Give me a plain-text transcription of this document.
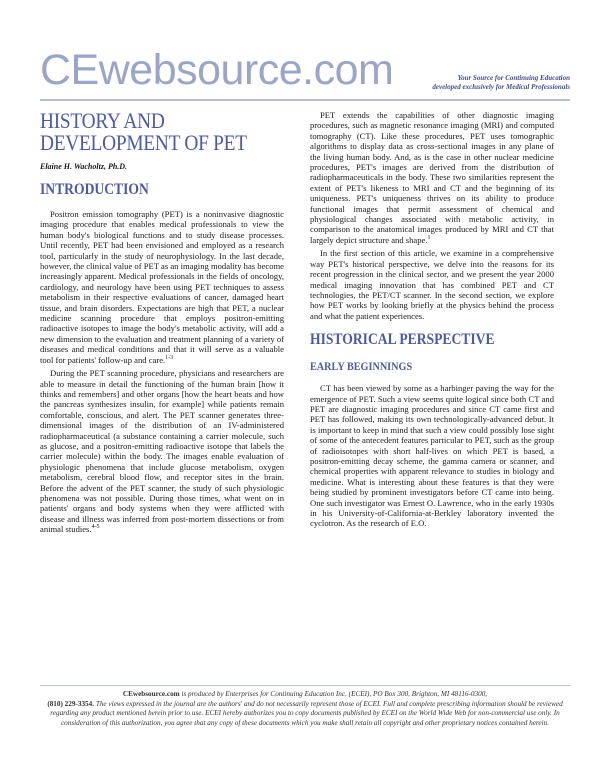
CEwebsource.com	Your Source for Continuing Education
developed exclusively for Medical Professionals
HISTORY AND DEVELOPMENT OF PET
Elaine H. Wacholtz, Ph.D.
INTRODUCTION

Positron emission tomography (PET) is a noninvasive diagnostic imaging procedure that enables medical professionals to view the human body's biological functions and to study disease processes. Until recently, PET had been envisioned and employed as a research tool, particularly in the study of neurophysiology. In the last decade, however, the clinical value of PET as an imaging modality has become increasingly apparent. Medical professionals in the fields of oncology, cardiology, and neurology have been using PET techniques to assess metabolism in their respective evaluations of cancer, damaged heart tissue, and brain disorders. Expectations are high that PET, a nuclear medicine scanning procedure that employs positron-emitting radioactive isotopes to image the body's metabolic activity, will add a new dimension to the evaluation and treatment planning of a variety of diseases and medical conditions and that it will serve as a valuable tool for patients' follow-up and care.$^{1-3}$

During the PET scanning procedure, physicians and researchers are able to measure in detail the functioning of the human brain [how it thinks and remembers] and other organs [how the heart beats and how the pancreas synthesizes insulin, for example] while patients remain comfortable, conscious, and alert. The PET scanner generates three-dimensional images of the distribution of an IV-administered radiopharmaceutical (a substance containing a carrier molecule, such as glucose, and a positron-emitting radioactive isotope that labels the carrier molecule) within the body. The images enable evaluation of physiologic phenomena that include glucose metabolism, oxygen metabolism, cerebral blood flow, and receptor sites in the brain. Before the advent of the PET scanner, the study of such physiologic phenomena was not possible. During those times, what went on in patients' organs and body systems when they were afflicted with disease and illness was inferred from post-mortem dissections or from animal studies.$^{4-5}$

PET extends the capabilities of other diagnostic imaging procedures, such as magnetic resonance imaging (MRI) and computed tomography (CT). Like these procedures, PET uses tomographic algorithms to display data as cross-sectional images in any plane of the living human body. And, as is the case in other nuclear medicine procedures, PET's images are derived from the distribution of radiopharmaceuticals in the body. These two similarities represent the extent of PET's likeness to MRI and CT and the beginning of its uniqueness. PET's uniqueness thrives on its ability to produce functional images that permit assessment of chemical and physiological changes associated with metabolic activity, in comparison to the anatomical images produced by MRI and CT that largely depict structure and shape.$^1$

In the first section of this article, we examine in a comprehensive way PET's historical perspective, we delve into the reasons for its recent progression in the clinical sector, and we present the year 2000 medical imaging innovation that has combined PET and CT technologies, the PET/CT scanner. In the second section, we explore how PET works by looking briefly at the physics behind the process and what the patient experiences.

HISTORICAL PERSPECTIVE
EARLY BEGINNINGS

CT has been viewed by some as a harbinger paving the way for the emergence of PET. Such a view seems quite logical since both CT and PET are diagnostic imaging procedures and since CT came first and PET has followed, making its own technologically-advanced debut. It is important to keep in mind that such a view could possibly lose sight of some of the antecedent features particular to PET, such as the group of radioisotopes with short half-lives on which PET is based, a positron-emitting decay scheme, the gamma camera or scanner, and chemical properties with apparent relevance to studies in biology and medicine. What is interesting about these features is that they were being studied by prominent investigators before CT came into being. One such investigator was Ernest O. Lawrence, who in the early 1930s in his University-of-California-at-Berkley laboratory invented the cyclotron. As the research of E.O.

CEwebsource.com is produced by Enterprises for Continuing Education Inc. (ECEI), PO Box 300, Brighton, MI 48116-0300,
(810) 229-3354. The views expressed in the journal are the authors' and do not necessarily represent those of ECEI. Full and complete prescribing information should be reviewed regarding any product mentioned herein prior to use. ECEI hereby authorizes you to copy documents published by ECEI on the World Wide Web for non-commercial use only. In consideration of this authorization, you agree that any copy of these documents which you make shall retain all copyright and other proprietary notices contained herein.
